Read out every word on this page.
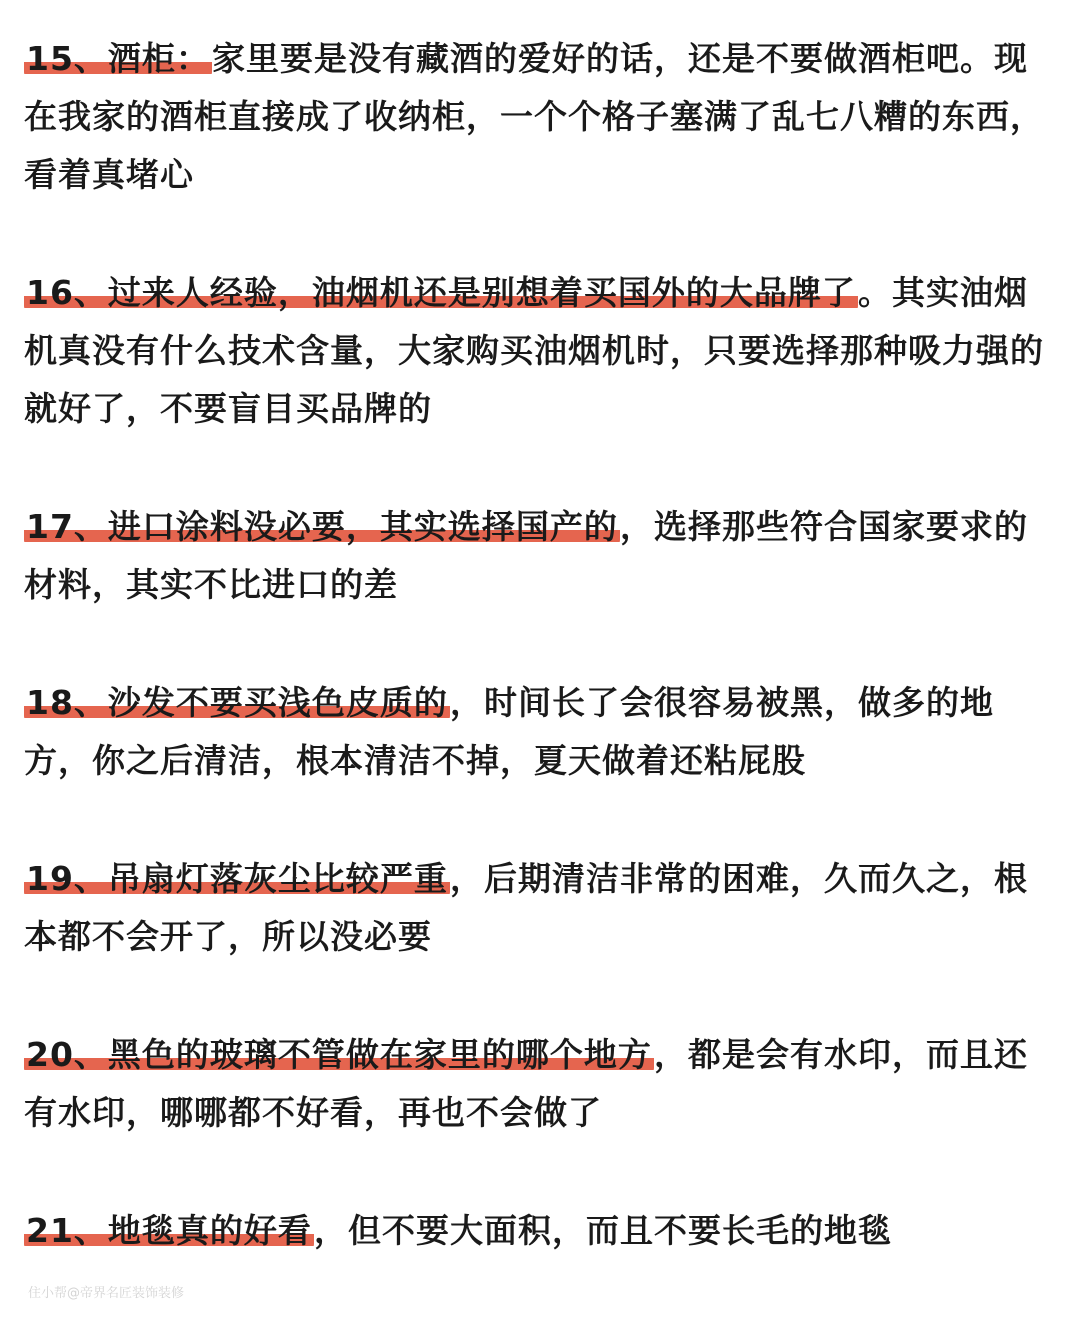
15、酒柜：家里要是没有藏酒的爱好的话，还是不要做酒柜吧。现在我家的酒柜直接成了收纳柜，一个个格子塞满了乱七八糟的东西，看着真堵心

16、过来人经验，油烟机还是别想着买国外的大品牌了。其实油烟机真没有什么技术含量，大家购买油烟机时，只要选择那种吸力强的就好了，不要盲目买品牌的

17、进口涂料没必要，其实选择国产的，选择那些符合国家要求的材料，其实不比进口的差

18、沙发不要买浅色皮质的，时间长了会很容易被黑，做多的地方，你之后清洁，根本清洁不掉，夏天做着还粘屁股

19、吊扇灯落灰尘比较严重，后期清洁非常的困难，久而久之，根本都不会开了，所以没必要

20、黑色的玻璃不管做在家里的哪个地方，都是会有水印，而且还有水印，哪哪都不好看，再也不会做了

21、地毯真的好看，但不要大面积，而且不要长毛的地毯

住小帮@帝界名匠装饰装修
